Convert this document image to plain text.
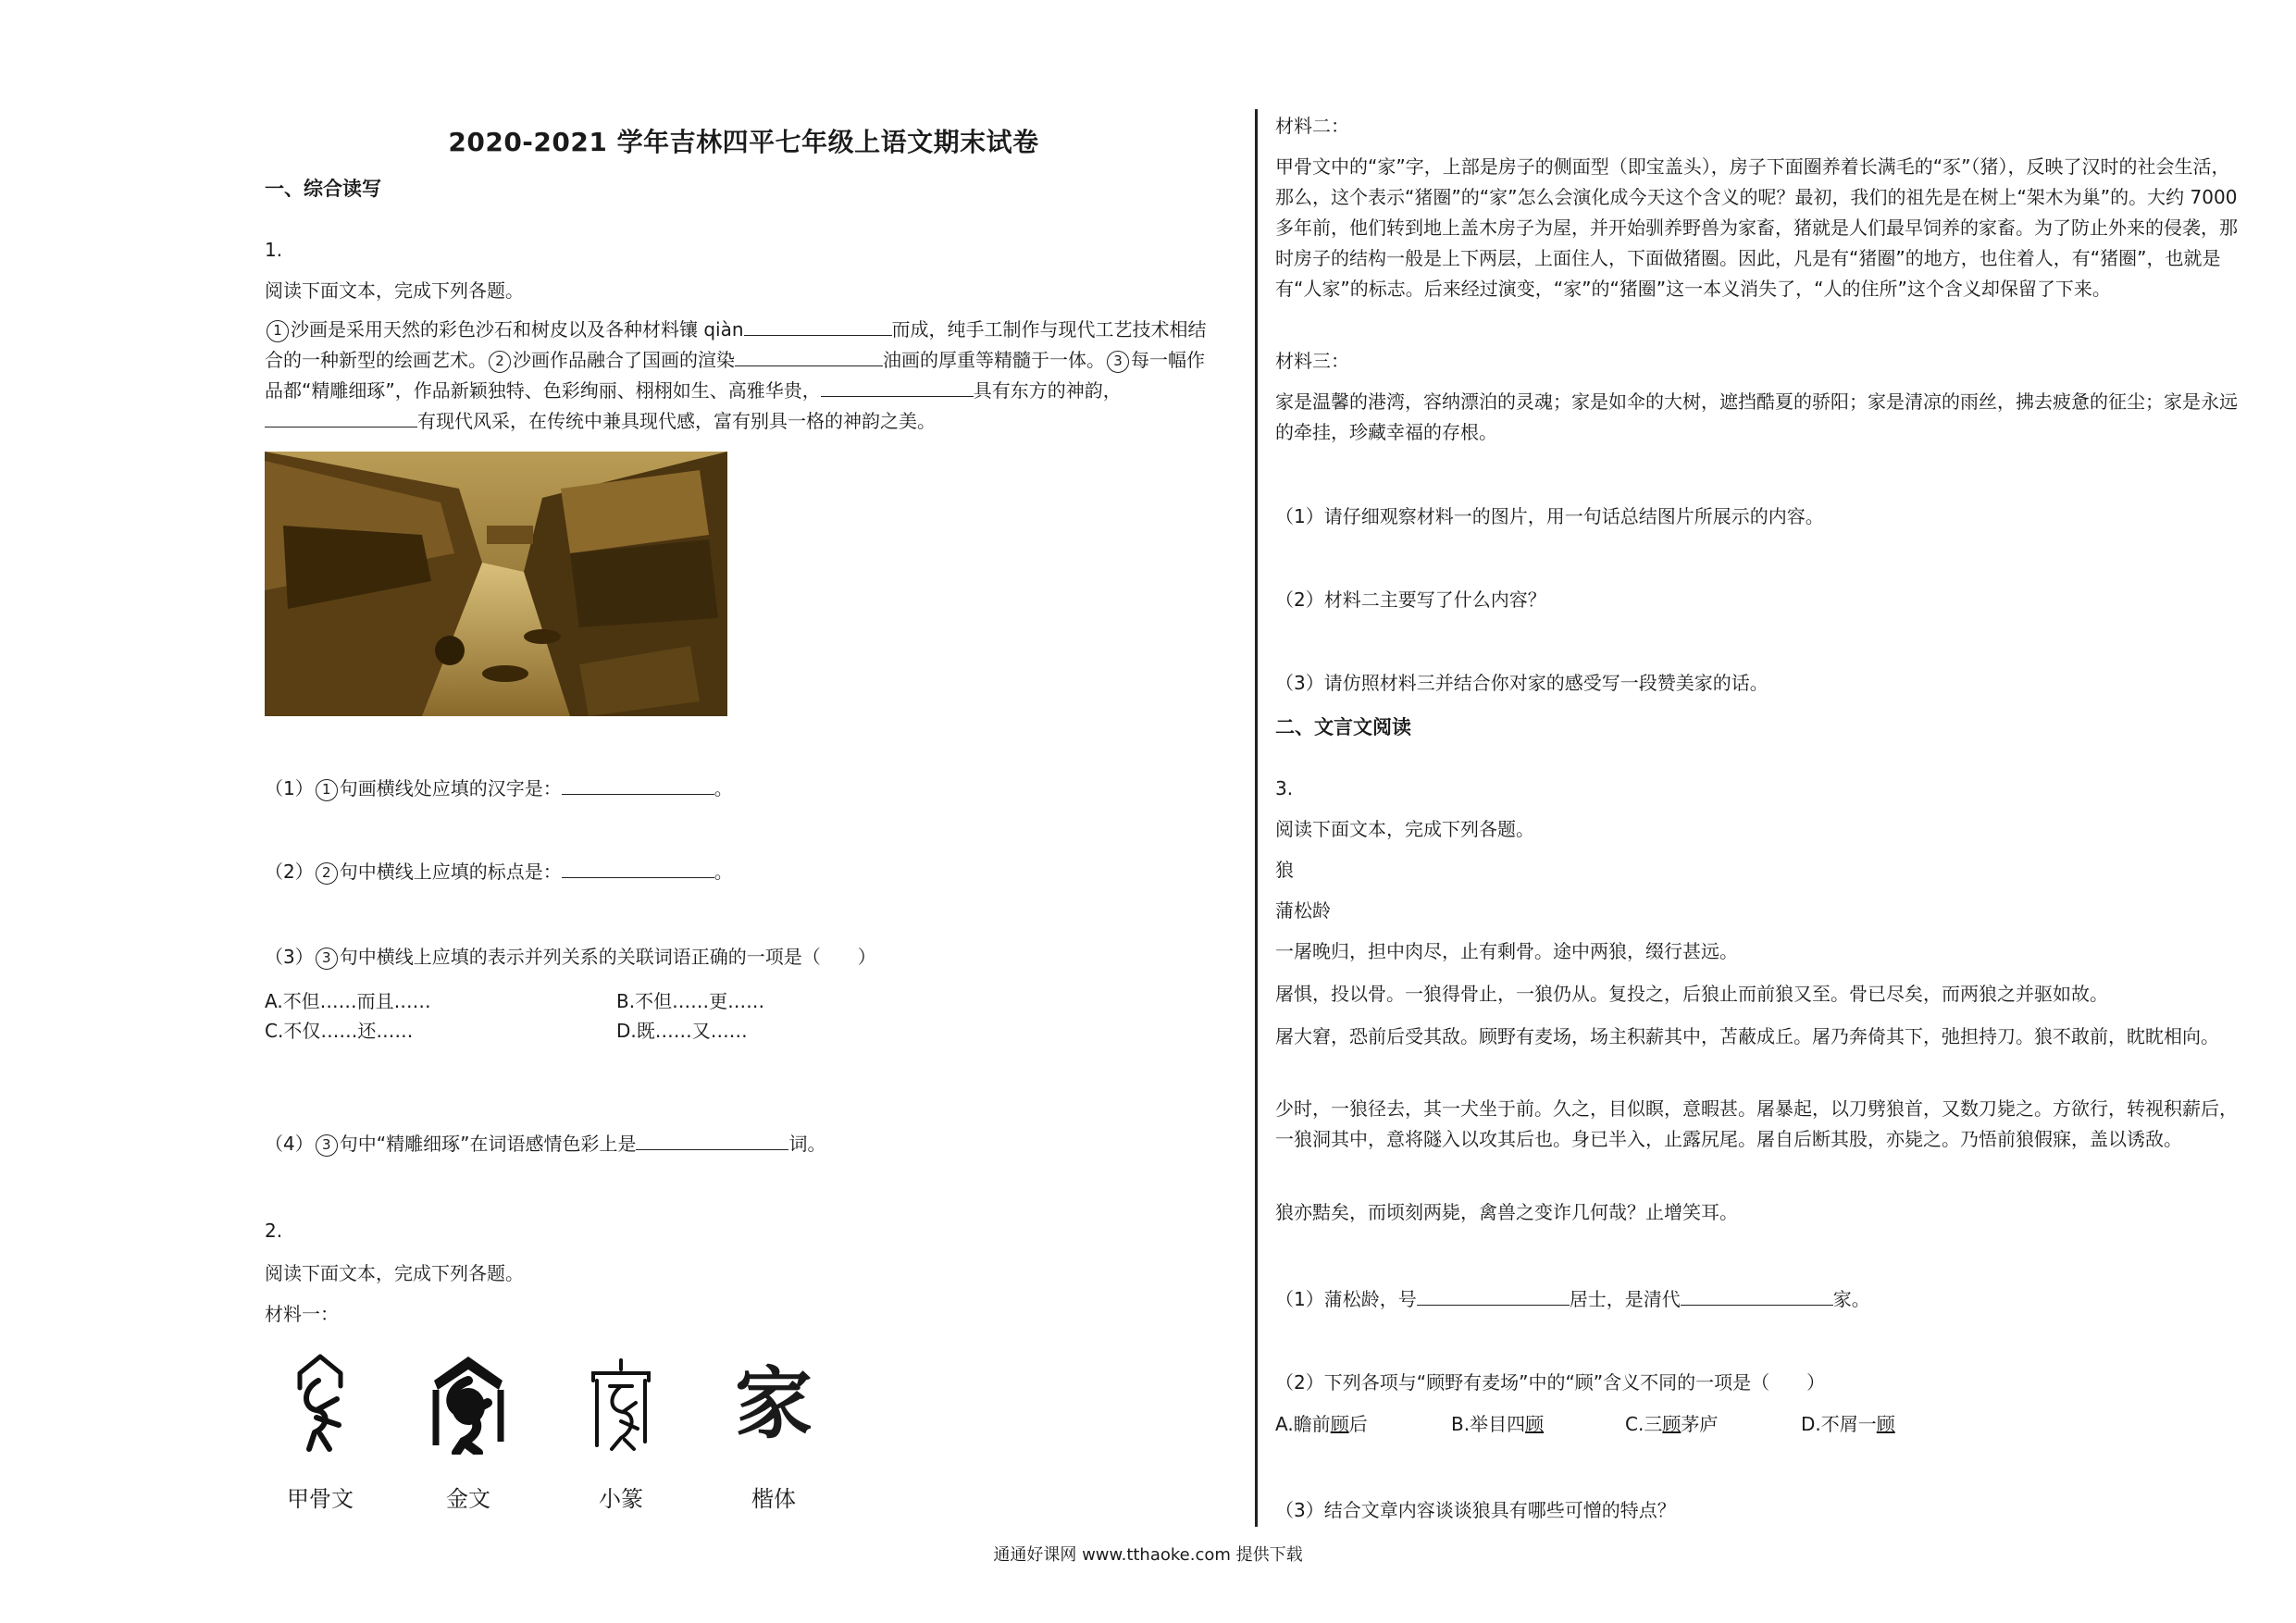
2020-2021 学年吉林四平七年级上语文期末试卷
一、综合读写
1.
阅读下面文本，完成下列各题。
1 沙画是采用天然的彩色沙石和树皮以及各种材料镶 qiàn	而成，纯手工制作与现代工艺技术相结合的一种新型的绘画艺术。 2 沙画作品融合了国画的渲染	油画的厚重等精髓于一体。 3 每一幅作品都“精雕细琢”，作品新颖独特、色彩绚丽、栩栩如生、高雅华贵，	具有东方的神韵，有现代风采，在传统中兼具现代感，富有别具一格的神韵之美。
（1） 1 句画横线处应填的汉字是：	。
（2） 2 句中横线上应填的标点是：	。
（3） 3 句中横线上应填的表示并列关系的关联词语正确的一项是（　　）
A.不但……而且……	B.不但……更……
C.不仅……还……	D.既……又……
（4） 3 句中“精雕细琢”在词语感情色彩上是	词。
2.
阅读下面文本，完成下列各题。
材料一：
甲骨文	金文	小篆
家
楷体
材料二：
甲骨文中的“家”字，上部是房子的侧面型（即宝盖头），房子下面圈养着长满毛的“豕”（猪），反映了汉时的社会生活，那么，这个表示“猪圈”的“家”怎么会演化成今天这个含义的呢？最初，我们的祖先是在树上“架木为巢”的。大约 7000 多年前，他们转到地上盖木房子为屋，并开始驯养野兽为家畜，猪就是人们最早饲养的家畜。为了防止外来的侵袭，那时房子的结构一般是上下两层，上面住人，下面做猪圈。因此，凡是有“猪圈”的地方，也住着人，有“猪圈”，也就是有“人家”的标志。后来经过演变，“家”的“猪圈”这一本义消失了，“人的住所”这个含义却保留了下来。
材料三：
家是温馨的港湾，容纳漂泊的灵魂；家是如伞的大树，遮挡酷夏的骄阳；家是清凉的雨丝，拂去疲惫的征尘；家是永远的牵挂，珍藏幸福的存根。
（1）请仔细观察材料一的图片，用一句话总结图片所展示的内容。
（2）材料二主要写了什么内容？
（3）请仿照材料三并结合你对家的感受写一段赞美家的话。
二、文言文阅读
3.
阅读下面文本，完成下列各题。
狼
蒲松龄
一屠晚归，担中肉尽，止有剩骨。途中两狼，缀行甚远。
屠惧，投以骨。一狼得骨止，一狼仍从。复投之，后狼止而前狼又至。骨已尽矣，而两狼之并驱如故。
屠大窘，恐前后受其敌。顾野有麦场，场主积薪其中，苫蔽成丘。屠乃奔倚其下，弛担持刀。狼不敢前，眈眈相向。
少时，一狼径去，其一犬坐于前。久之，目似瞑，意暇甚。屠暴起，以刀劈狼首，又数刀毙之。方欲行，转视积薪后，一狼洞其中，意将隧入以攻其后也。身已半入，止露尻尾。屠自后断其股，亦毙之。乃悟前狼假寐，盖以诱敌。
狼亦黠矣，而顷刻两毙，禽兽之变诈几何哉？止增笑耳。
（1）蒲松龄，号	居士，是清代	家。
（2）下列各项与“顾野有麦场”中的“顾”含义不同的一项是（　　）
A.瞻前顾后	B.举目四顾	C.三顾茅庐	D.不屑一顾
（3）结合文章内容谈谈狼具有哪些可憎的特点？
通通好课网 www.tthaoke.com 提供下载
